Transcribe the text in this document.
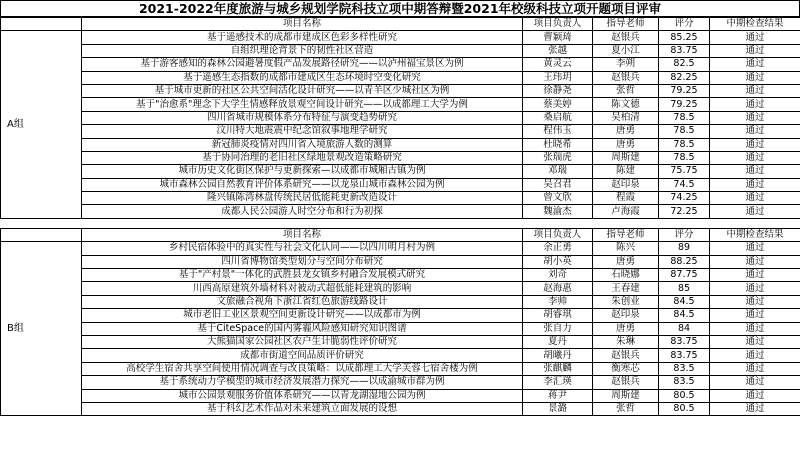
2021-2022年度旅游与城乡规划学院科技立项中期答辩暨2021年校级科技立项开题项目评审
	项目名称	项目负责人	指导老师	评分	中期检查结果
A组	基于遥感技术的成都市建成区色彩多样性研究	曹颖琦	赵银兵	85.25	通过
	自组织理论背景下的韧性社区营造	张越	夏小江	83.75	通过
	基于游客感知的森林公园避暑度假产品发展路径研究——以泸州福宝景区为例	黄灵云	李朔	82.5	通过
	基于遥感生态指数的成都市建成区生态环境时空变化研究	王玮玥	赵银兵	82.25	通过
	基于城市更新的社区公共空间活化设计研究——以青羊区少城社区为例	徐静尧	张哲	79.25	通过
	基于"治愈系"理念下大学生情感释放景观空间设计研究——以成都理工大学为例	蔡美婷	陈文德	79.25	通过
	四川省城市规模体系分布特征与演变趋势研究	桑启航	吴柏清	78.5	通过
	汶川特大地震震中纪念馆叙事地理学研究	程伟玉	唐勇	78.5	通过
	新冠肺炎疫情对四川省入境旅游人数的测算	杜晓希	唐勇	78.5	通过
	基于协同治理的老旧社区绿地景观改造策略研究	张瑞虎	周斯建	78.5	通过
	城市历史文化街区保护与更新探索—以成都市城厢古镇为例	邓瑞	陈建	75.75	通过
	城市森林公园自然教育评价体系研究——以龙泉山城市森林公园为例	吴召君	赵印泉	74.5	通过
	隆兴镇陈湾林盘传统民居低能耗更新改造设计	曾文欣	程霞	74.25	通过
	成都人民公园游人时空分布和行为初探	魏渝杰	卢海霞	72.25	通过

	项目名称	项目负责人	指导老师	评分	中期检查结果
B组	乡村民宿体验中的真实性与社会文化认同——以四川明月村为例	余正勇	陈兴	89	通过
	四川省博物馆类型划分与空间分布研究	胡小英	唐勇	88.25	通过
	基于"产村景"一体化的武胜县龙女镇乡村融合发展模式研究	刘奇	石晓娜	87.75	通过
	川西高原建筑外墙材料对被动式超低能耗建筑的影响	赵海惠	王春建	85	通过
	文旅融合视角下浙江省红色旅游线路设计	李帅	朱创业	84.5	通过
	城市老旧工业区景观空间更新设计研究——以成都市为例	胡睿琪	赵印泉	84.5	通过
	基于CiteSpace的国内雾霾风险感知研究知识图谱	张自力	唐勇	84	通过
	大熊猫国家公园社区农户生计脆弱性评价研究	夏丹	朱琳	83.75	通过
	成都市街道空间品质评价研究	胡曦丹	赵银兵	83.75	通过
	高校学生宿舍共享空间使用情况调查与改良策略：以成都理工大学芙蓉七宿舍楼为例	张麒麟	衡寒芯	83.5	通过
	基于系统动力学模型的城市经济发展潜力探究——以成渝城市群为例	李汇瑛	赵银兵	83.5	通过
	城市公园景观服务价值体系研究——以青龙湖湿地公园为例	蒋尹	周斯建	80.5	通过
	基于科幻艺术作品对未来建筑立面发展的设想	景潞	张哲	80.5	通过
